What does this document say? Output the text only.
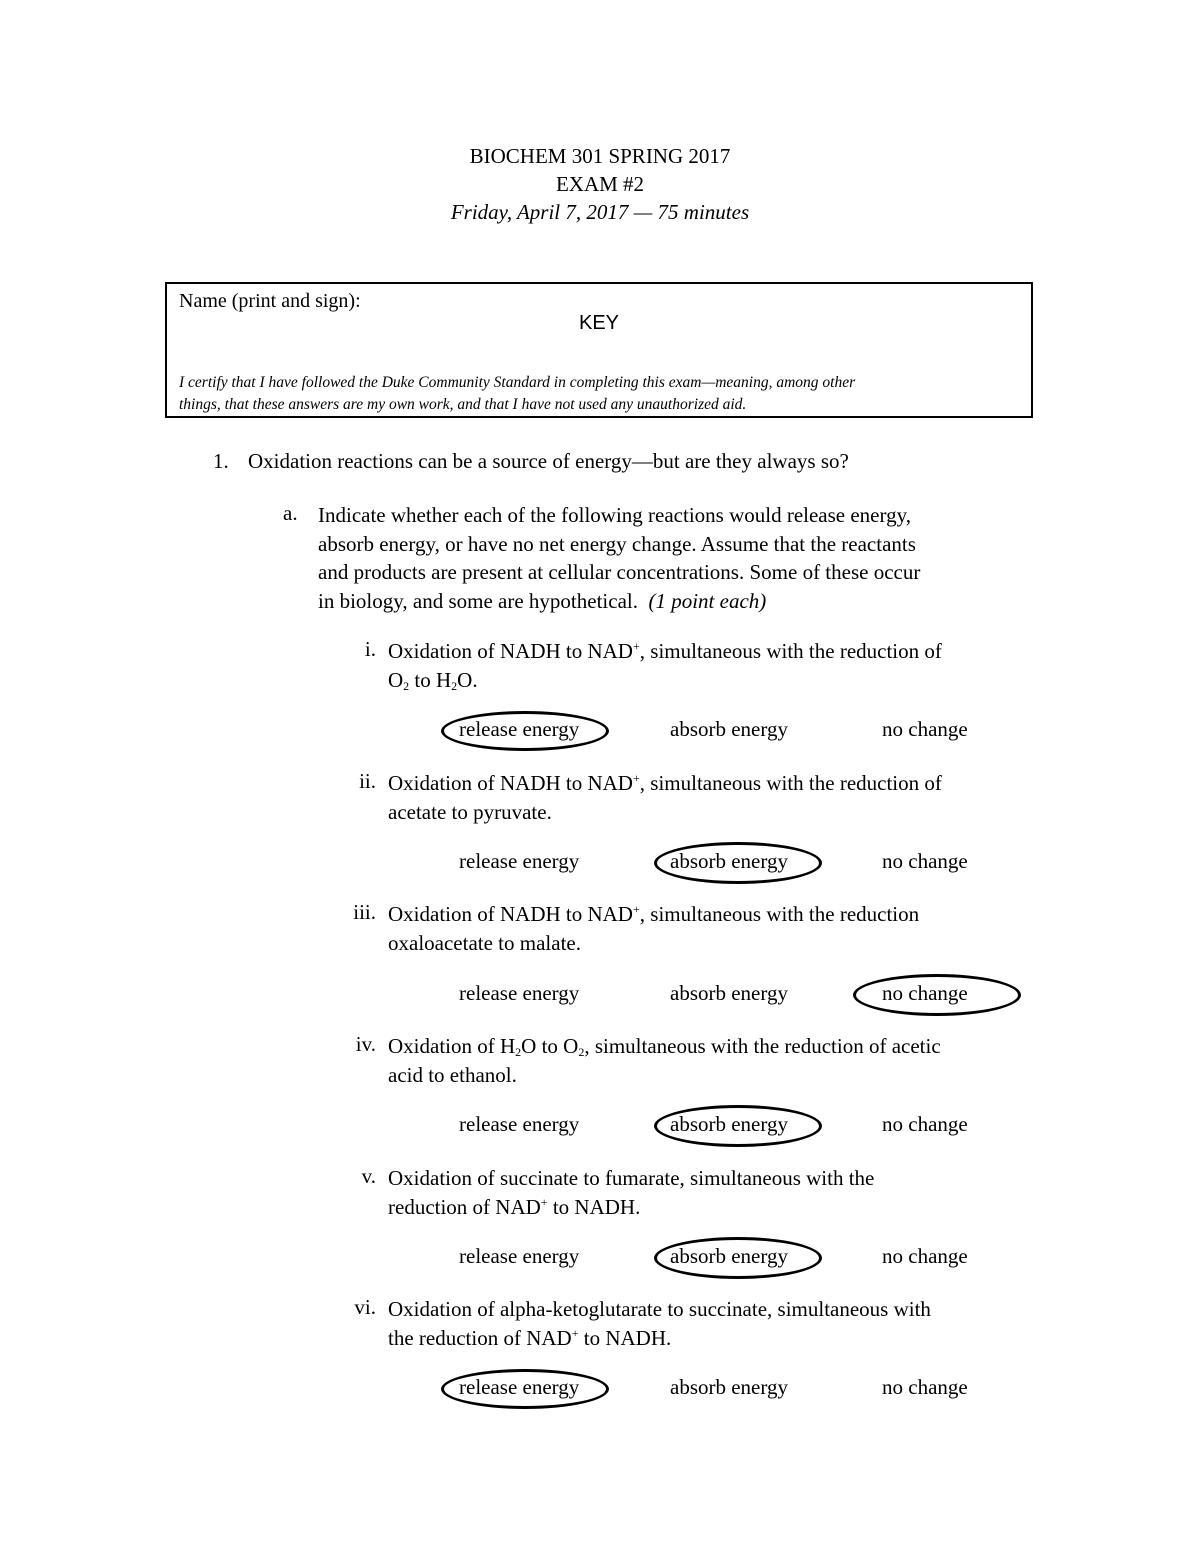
BIOCHEM 301 SPRING 2017
EXAM #2
Friday, April 7, 2017 — 75 minutes
Name (print and sign):
KEY
I certify that I have followed the Duke Community Standard in completing this exam—meaning, among other
things, that these answers are my own work, and that I have not used any unauthorized aid.
1. Oxidation reactions can be a source of energy—but are they always so?
a. Indicate whether each of the following reactions would release energy,
absorb energy, or have no net energy change. Assume that the reactants
and products are present at cellular concentrations. Some of these occur
in biology, and some are hypothetical. (1 point each)
i. Oxidation of NADH to NAD+, simultaneous with the reduction of
$O_2$ to $H_2O$.
release energy	absorb energy	no change
ii. Oxidation of NADH to NAD+, simultaneous with the reduction of
acetate to pyruvate.
release energy	absorb energy	no change
iii. Oxidation of NADH to NAD+, simultaneous with the reduction
oxaloacetate to malate.
release energy	absorb energy	no change
iv. Oxidation of $H_2O$ to $O_2$, simultaneous with the reduction of acetic
acid to ethanol.
release energy	absorb energy	no change
v. Oxidation of succinate to fumarate, simultaneous with the
reduction of NAD+ to NADH.
release energy	absorb energy	no change
vi. Oxidation of alpha-ketoglutarate to succinate, simultaneous with
the reduction of NAD+ to NADH.
release energy	absorb energy	no change
